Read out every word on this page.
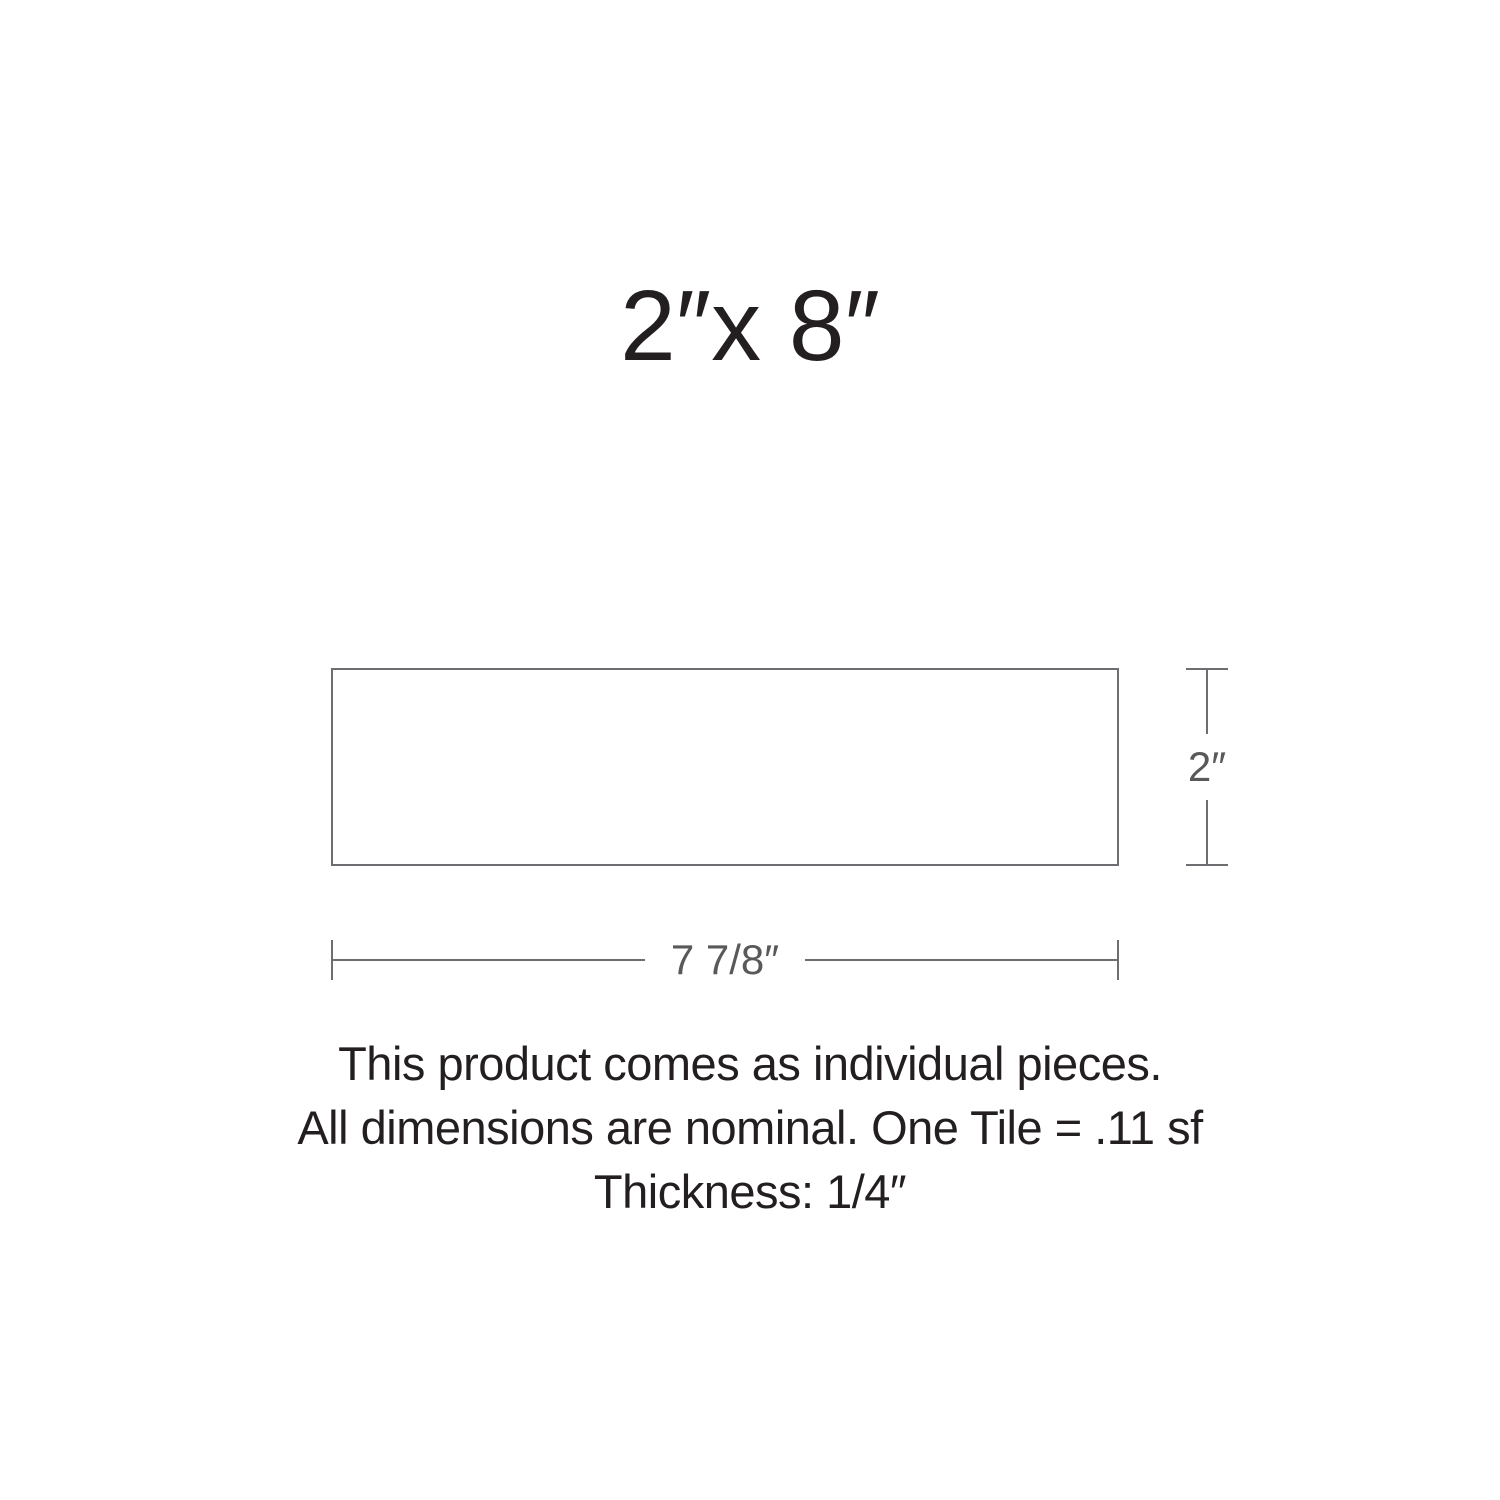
2″x 8″
2″
7 7/8″

This product comes as individual pieces.

All dimensions are nominal. One Tile = .11 sf

Thickness: 1/4″
